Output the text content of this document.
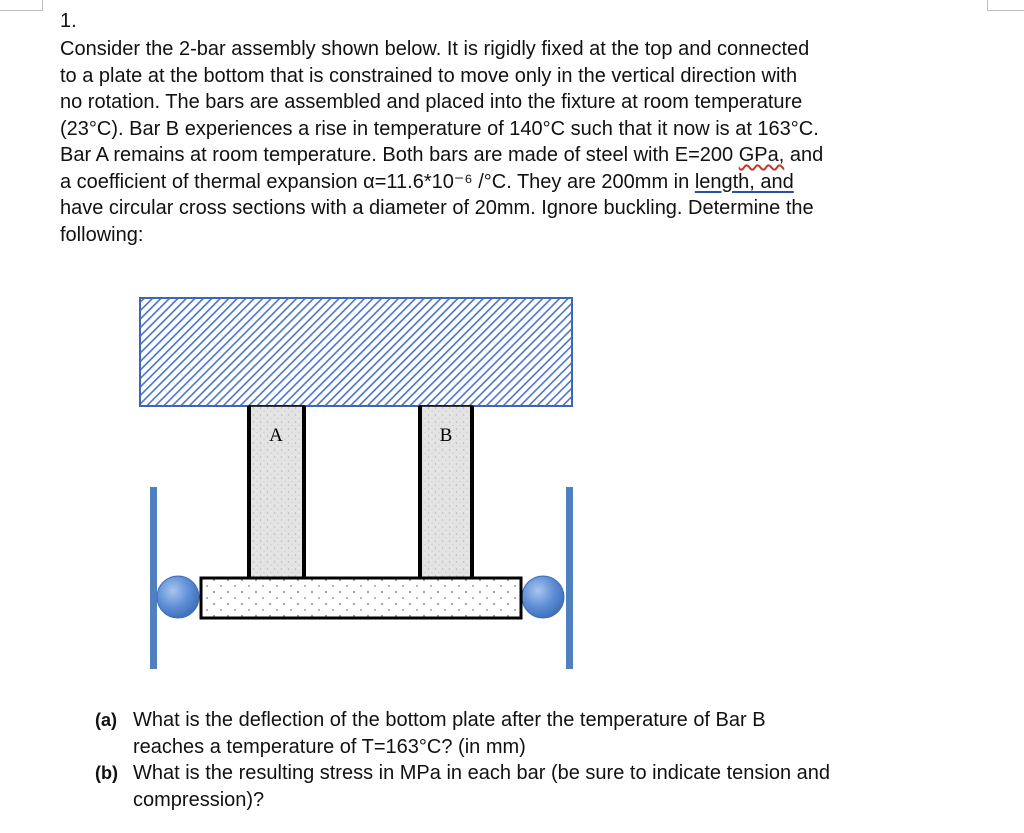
1.
Consider the 2-bar assembly shown below. It is rigidly fixed at the top and connected
to a plate at the bottom that is constrained to move only in the vertical direction with
no rotation. The bars are assembled and placed into the fixture at room temperature
(23°C). Bar B experiences a rise in temperature of 140°C such that it now is at 163°C.
Bar A remains at room temperature. Both bars are made of steel with E=200 GPa, and
a coefficient of thermal expansion α=11.6*10⁻⁶ /°C. They are 200mm in length, and
have circular cross sections with a diameter of 20mm. Ignore buckling. Determine the
following:
A	B
(a) What is the deflection of the bottom plate after the temperature of Bar B
reaches a temperature of T=163°C? (in mm)
(b) What is the resulting stress in MPa in each bar (be sure to indicate tension and
compression)?
